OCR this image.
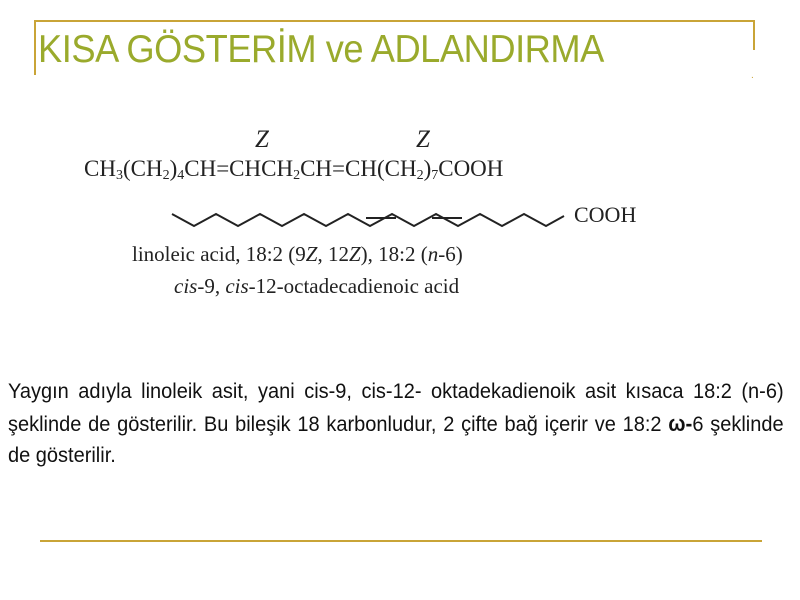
.
KISA GÖSTERİM ve ADLANDIRMA
Z	Z
$CH_3(CH_2)_4CH=CHCH_2CH=CH(CH_2)_7COOH$
COOH
linoleic acid, 18:2 (9Z, 12Z), 18:2 (n-6)
cis-9, cis-12-octadecadienoic acid
Yaygın adıyla linoleik asit, yani cis-9, cis-12- oktadekadienoik asit kısaca 18:2 (n-6) şeklinde de gösterilir. Bu bileşik 18 karbonludur, 2 çifte bağ içerir ve 18:2 ω-6 şeklinde de gösterilir.
